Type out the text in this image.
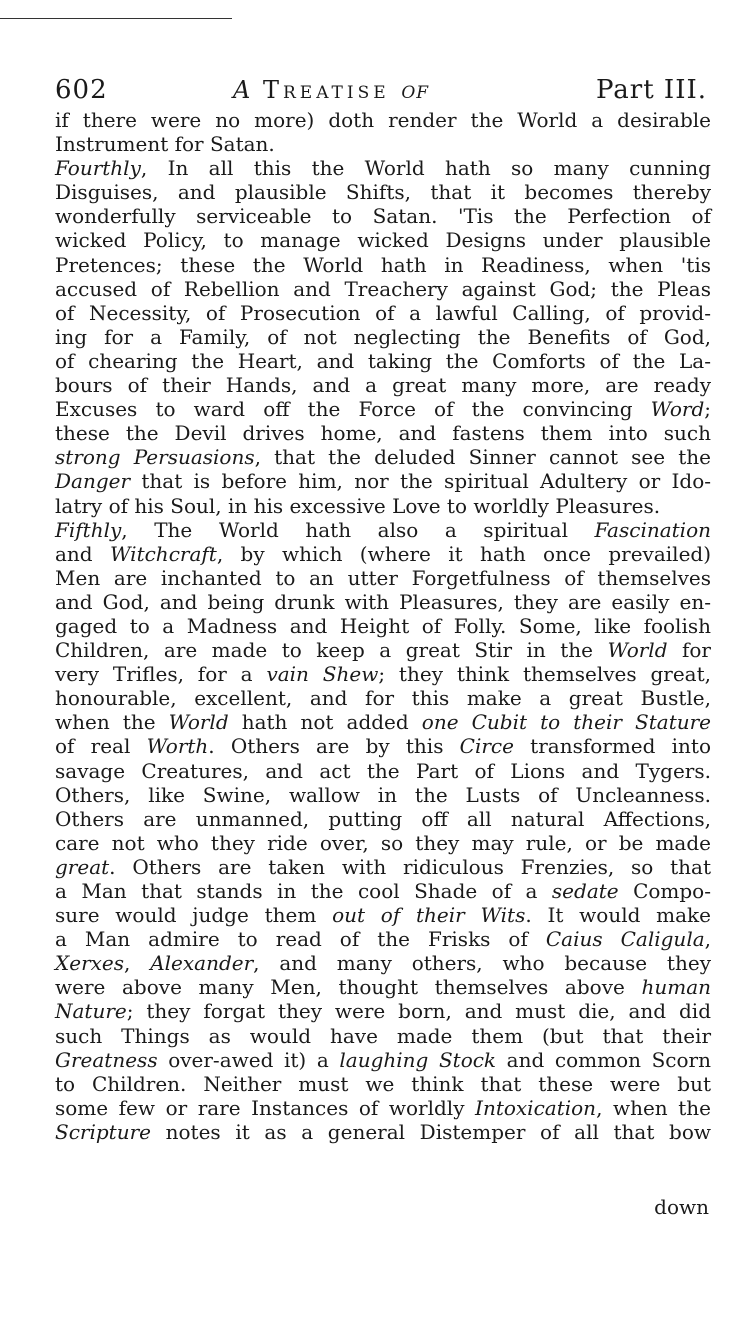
602	A Treatise of	Part III.
if there were no more) doth render the World a desirable
Instrument for Satan.
Fourthly, In all this the World hath so many cunning
Disguises, and plausible Shifts, that it becomes thereby
wonderfully serviceable to Satan. 'Tis the Perfection of
wicked Policy, to manage wicked Designs under plausible
Pretences; these the World hath in Readiness, when 'tis
accused of Rebellion and Treachery against God; the Pleas
of Necessity, of Prosecution of a lawful Calling, of provid-
ing for a Family, of not neglecting the Benefits of God,
of chearing the Heart, and taking the Comforts of the La-
bours of their Hands, and a great many more, are ready
Excuses to ward off the Force of the convincing Word;
these the Devil drives home, and fastens them into such
strong Persuasions, that the deluded Sinner cannot see the
Danger that is before him, nor the spiritual Adultery or Ido-
latry of his Soul, in his excessive Love to worldly Pleasures.
Fifthly, The World hath also a spiritual Fascination
and Witchcraft, by which (where it hath once prevailed)
Men are inchanted to an utter Forgetfulness of themselves
and God, and being drunk with Pleasures, they are easily en-
gaged to a Madness and Height of Folly. Some, like foolish
Children, are made to keep a great Stir in the World for
very Trifles, for a vain Shew; they think themselves great,
honourable, excellent, and for this make a great Bustle,
when the World hath not added one Cubit to their Stature
of real Worth. Others are by this Circe transformed into
savage Creatures, and act the Part of Lions and Tygers.
Others, like Swine, wallow in the Lusts of Uncleanness.
Others are unmanned, putting off all natural Affections,
care not who they ride over, so they may rule, or be made
great. Others are taken with ridiculous Frenzies, so that
a Man that stands in the cool Shade of a sedate Compo-
sure would judge them out of their Wits. It would make
a Man admire to read of the Frisks of Caius Caligula,
Xerxes, Alexander, and many others, who because they
were above many Men, thought themselves above human
Nature; they forgat they were born, and must die, and did
such Things as would have made them (but that their
Greatness over-awed it) a laughing Stock and common Scorn
to Children. Neither must we think that these were but
some few or rare Instances of worldly Intoxication, when the
Scripture notes it as a general Distemper of all that bow
down
